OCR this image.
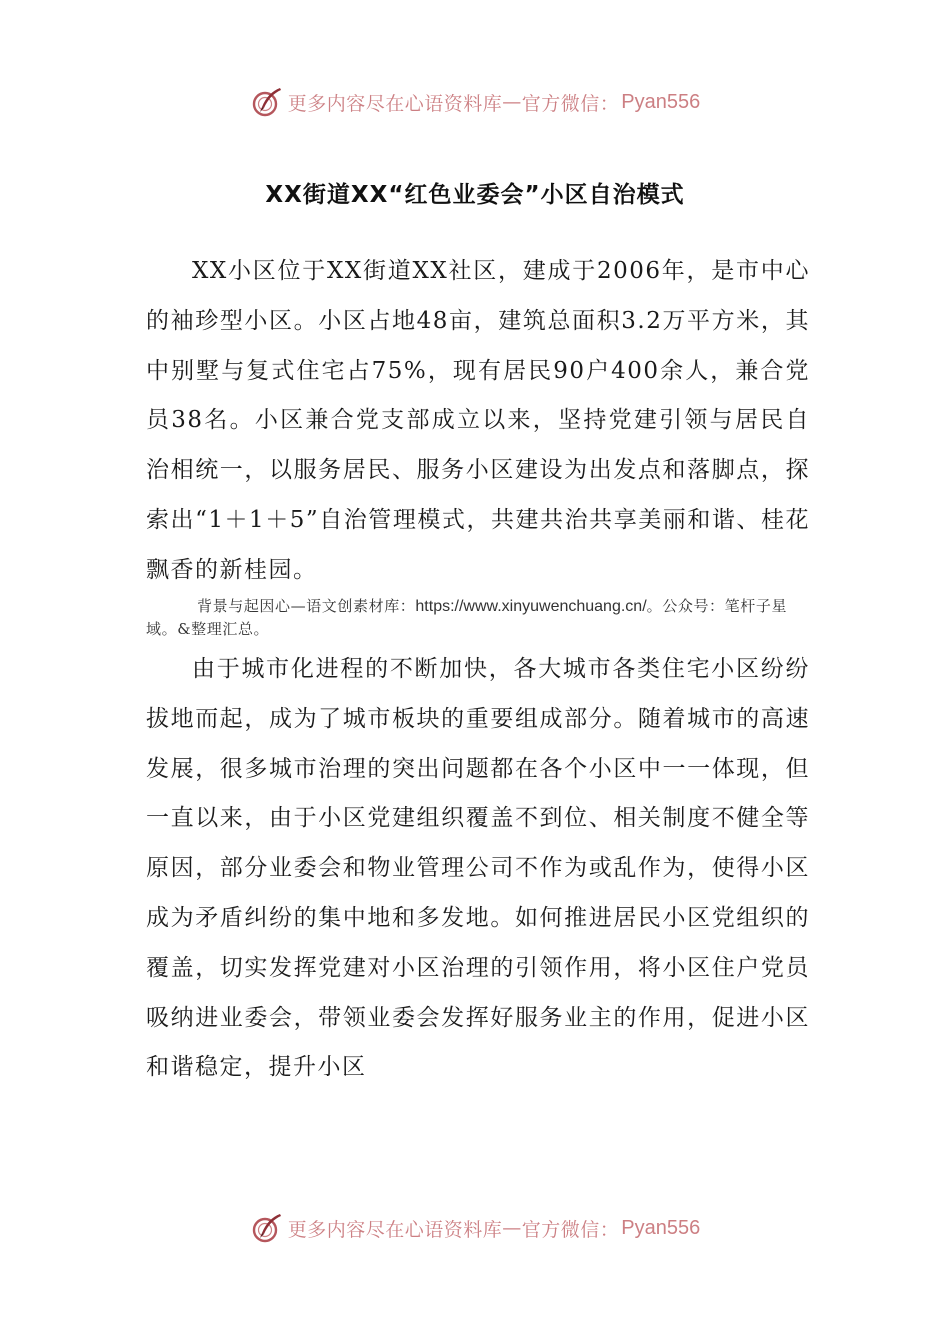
更多内容尽在心语资料库 — 官方微信： Pyan556
XX街道XX“红色业委会”小区自治模式

XX小区位于XX街道XX社区，建成于2006年，是市中心的袖珍型小区。小区占地48亩，建筑总面积3.2万平方米，其中别墅与复式住宅占75%，现有居民90户400余人，兼合党员38名。小区兼合党支部成立以来，坚持党建引领与居民自治相统一，以服务居民、服务小区建设为出发点和落脚点，探索出“1＋1＋5”自治管理模式，共建共治共享美丽和谐、桂花飘香的新桂园。

背景与起因心—语文创素材库：https://www.xinyuwenchuang.cn/。公众号：笔杆子星域。&整理汇总。

由于城市化进程的不断加快，各大城市各类住宅小区纷纷拔地而起，成为了城市板块的重要组成部分。随着城市的高速发展，很多城市治理的突出问题都在各个小区中一一体现，但一直以来，由于小区党建组织覆盖不到位、相关制度不健全等原因，部分业委会和物业管理公司不作为或乱作为，使得小区成为矛盾纠纷的集中地和多发地。如何推进居民小区党组织的覆盖，切实发挥党建对小区治理的引领作用，将小区住户党员吸纳进业委会，带领业委会发挥好服务业主的作用，促进小区和谐稳定，提升小区

更多内容尽在心语资料库 — 官方微信： Pyan556
